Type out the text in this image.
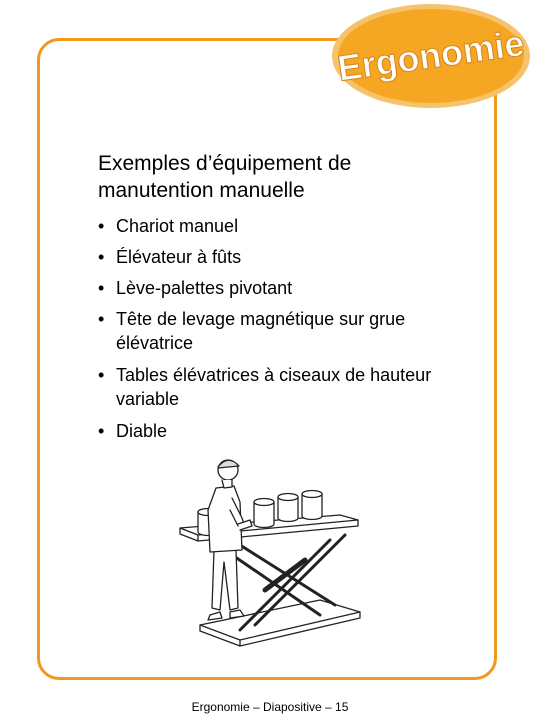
Ergonomie
Exemples d’équipement de manutention manuelle
• Chariot manuel
• Élévateur à fûts
• Lève-palettes pivotant
• Tête de levage magnétique sur grue élévatrice
• Tables élévatrices à ciseaux de hauteur variable
• Diable
Ergonomie – Diapositive – 15
